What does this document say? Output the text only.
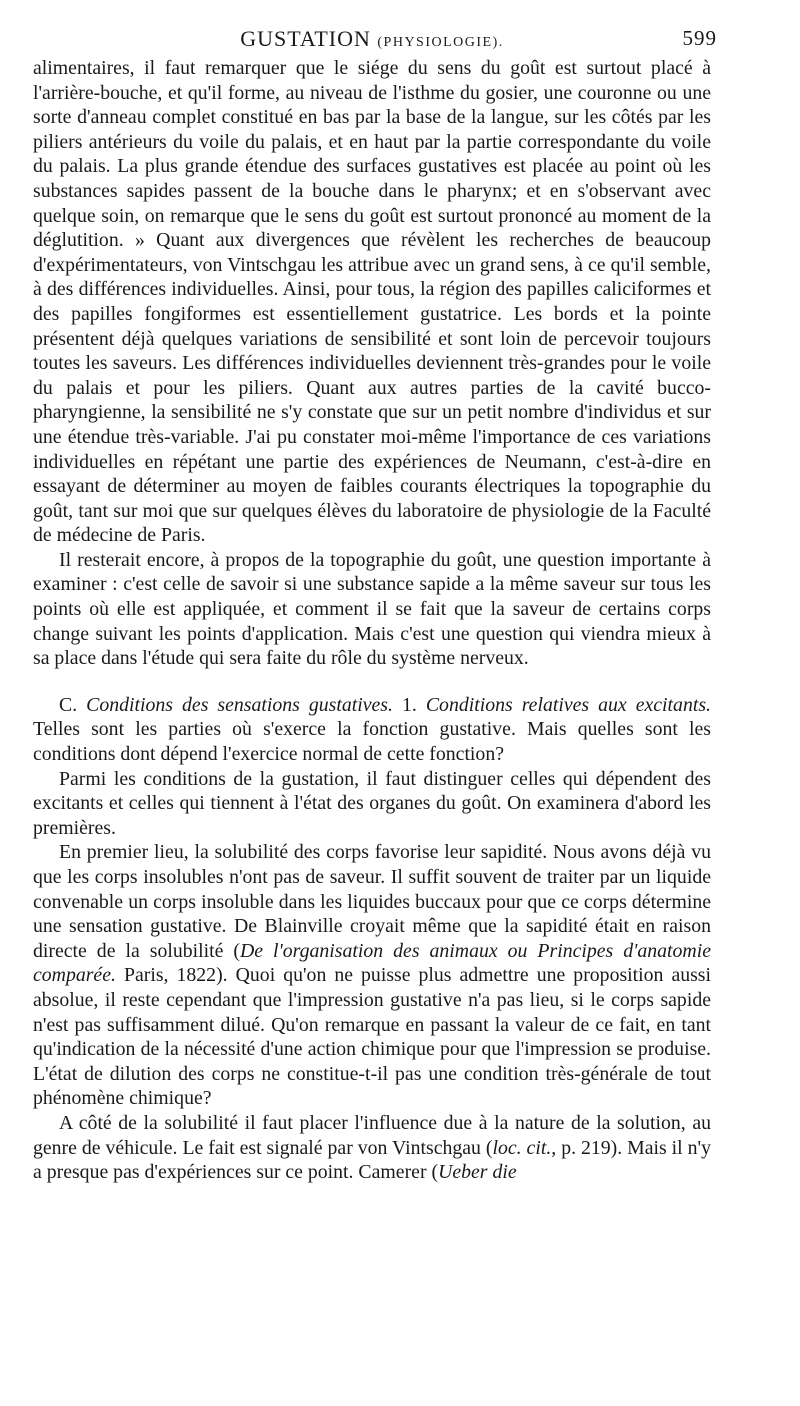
GUSTATION (PHYSIOLOGIE).	599

alimentaires, il faut remarquer que le siége du sens du goût est surtout placé à l'arrière-bouche, et qu'il forme, au niveau de l'isthme du gosier, une couronne ou une sorte d'anneau complet constitué en bas par la base de la langue, sur les côtés par les piliers antérieurs du voile du palais, et en haut par la partie correspondante du voile du palais. La plus grande étendue des surfaces gustatives est placée au point où les substances sapides passent de la bouche dans le pharynx; et en s'observant avec quelque soin, on remarque que le sens du goût est surtout prononcé au moment de la déglutition. » Quant aux divergences que révèlent les recherches de beaucoup d'expérimentateurs, von Vintschgau les attribue avec un grand sens, à ce qu'il semble, à des différences individuelles. Ainsi, pour tous, la région des papilles caliciformes et des papilles fongiformes est essentiellement gustatrice. Les bords et la pointe présentent déjà quelques variations de sensibilité et sont loin de percevoir toujours toutes les saveurs. Les différences individuelles deviennent très-grandes pour le voile du palais et pour les piliers. Quant aux autres parties de la cavité bucco-pharyngienne, la sensibilité ne s'y constate que sur un petit nombre d'individus et sur une étendue très-variable. J'ai pu constater moi-même l'importance de ces variations individuelles en répétant une partie des expériences de Neumann, c'est-à-dire en essayant de déterminer au moyen de faibles courants électriques la topographie du goût, tant sur moi que sur quelques élèves du laboratoire de physiologie de la Faculté de médecine de Paris.

Il resterait encore, à propos de la topographie du goût, une question importante à examiner : c'est celle de savoir si une substance sapide a la même saveur sur tous les points où elle est appliquée, et comment il se fait que la saveur de certains corps change suivant les points d'application. Mais c'est une question qui viendra mieux à sa place dans l'étude qui sera faite du rôle du système nerveux.

C. Conditions des sensations gustatives. 1. Conditions relatives aux excitants. Telles sont les parties où s'exerce la fonction gustative. Mais quelles sont les conditions dont dépend l'exercice normal de cette fonction?

Parmi les conditions de la gustation, il faut distinguer celles qui dépendent des excitants et celles qui tiennent à l'état des organes du goût. On examinera d'abord les premières.

En premier lieu, la solubilité des corps favorise leur sapidité. Nous avons déjà vu que les corps insolubles n'ont pas de saveur. Il suffit souvent de traiter par un liquide convenable un corps insoluble dans les liquides buccaux pour que ce corps détermine une sensation gustative. De Blainville croyait même que la sapidité était en raison directe de la solubilité (De l'organisation des animaux ou Principes d'anatomie comparée. Paris, 1822). Quoi qu'on ne puisse plus admettre une proposition aussi absolue, il reste cependant que l'impression gustative n'a pas lieu, si le corps sapide n'est pas suffisamment dilué. Qu'on remarque en passant la valeur de ce fait, en tant qu'indication de la nécessité d'une action chimique pour que l'impression se produise. L'état de dilution des corps ne constitue-t-il pas une condition très-générale de tout phénomène chimique?

A côté de la solubilité il faut placer l'influence due à la nature de la solution, au genre de véhicule. Le fait est signalé par von Vintschgau (loc. cit., p. 219). Mais il n'y a presque pas d'expériences sur ce point. Camerer (Ueber die
